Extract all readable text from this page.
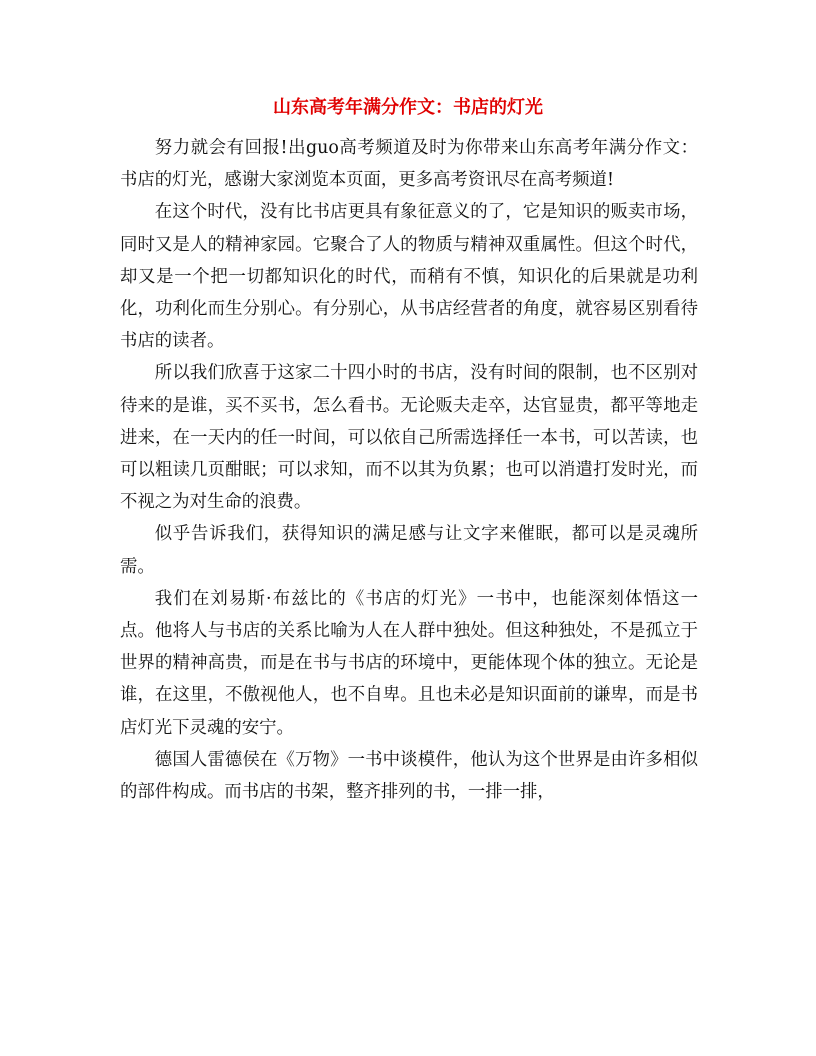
山东高考年满分作文：书店的灯光

努力就会有回报!出guo高考频道及时为你带来山东高考年满分作文：书店的灯光，感谢大家浏览本页面，更多高考资讯尽在高考频道!

在这个时代，没有比书店更具有象征意义的了，它是知识的贩卖市场，同时又是人的精神家园。它聚合了人的物质与精神双重属性。但这个时代，却又是一个把一切都知识化的时代，而稍有不慎，知识化的后果就是功利化，功利化而生分别心。有分别心，从书店经营者的角度，就容易区别看待书店的读者。

所以我们欣喜于这家二十四小时的书店，没有时间的限制，也不区别对待来的是谁，买不买书，怎么看书。无论贩夫走卒，达官显贵，都平等地走进来，在一天内的任一时间，可以依自己所需选择任一本书，可以苦读，也可以粗读几页酣眠；可以求知，而不以其为负累；也可以消遣打发时光，而不视之为对生命的浪费。

似乎告诉我们，获得知识的满足感与让文字来催眠，都可以是灵魂所需。

我们在刘易斯·布兹比的《书店的灯光》一书中，也能深刻体悟这一点。他将人与书店的关系比喻为人在人群中独处。但这种独处，不是孤立于世界的精神高贵，而是在书与书店的环境中，更能体现个体的独立。无论是谁，在这里，不傲视他人，也不自卑。且也未必是知识面前的谦卑，而是书店灯光下灵魂的安宁。

德国人雷德侯在《万物》一书中谈模件，他认为这个世界是由许多相似的部件构成。而书店的书架，整齐排列的书，一排一排，
